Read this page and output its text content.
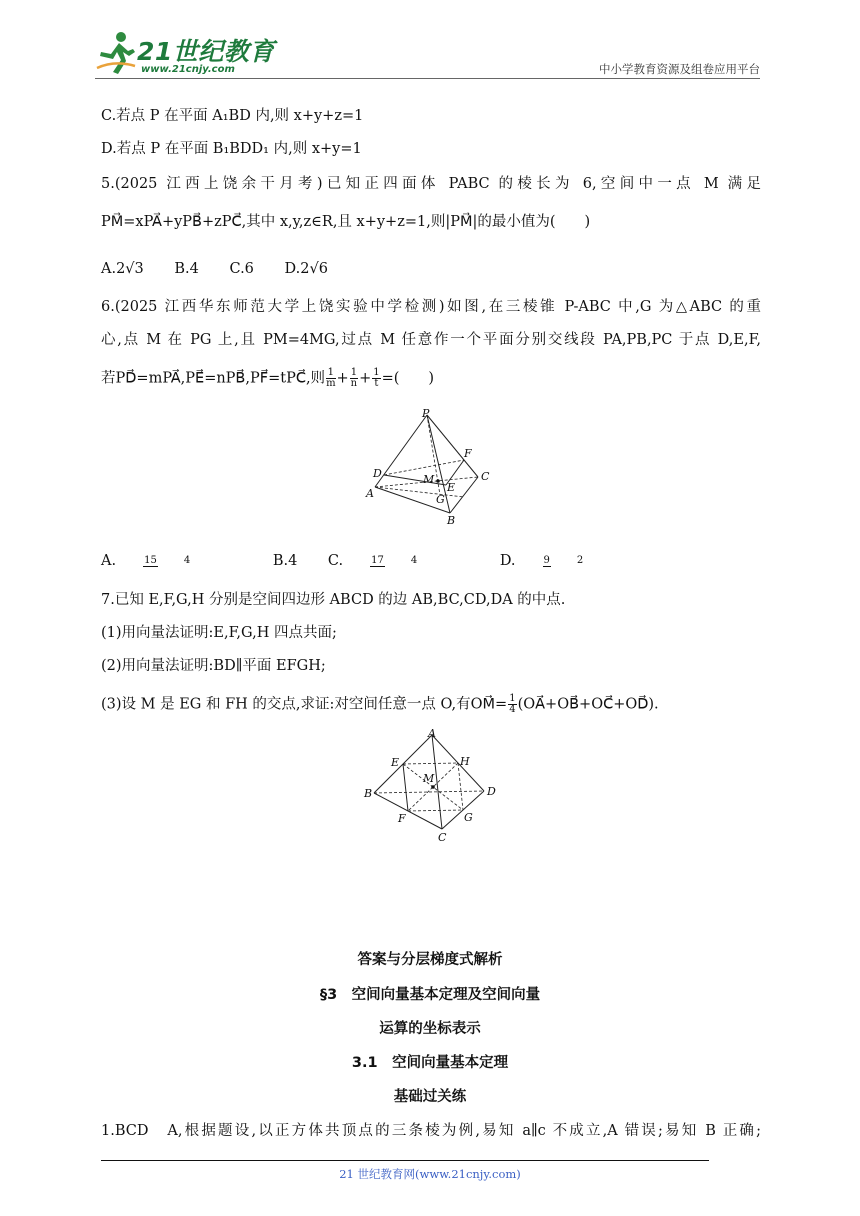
21世纪教育
www.21cnjy.com	中小学教育资源及组卷应用平台
C.若点 P 在平面 A₁BD 内,则 x+y+z=1
D.若点 P 在平面 B₁BDD₁ 内,则 x+y=1
5.(2025 江西上饶余干月考)已知正四面体 PABC 的棱长为 6,空间中一点 M 满足
PM⃗=xPA⃗+yPB⃗+zPC⃗,其中 x,y,z∈R,且 x+y+z=1,则|PM⃗|的最小值为(　　)
A.2√3 B.4 C.6 D.2√6
6.(2025 江西华东师范大学上饶实验中学检测)如图,在三棱锥 P-ABC 中,G 为△ABC 的重
心,点 M 在 PG 上,且 PM=4MG,过点 M 任意作一个平面分别交线段 PA,PB,PC 于点 D,E,F,
若PD⃗=mPA⃗,PE⃗=nPB⃗,PF⃗=tPC⃗,则 $\frac{1}{m} + \frac{1}{n} + \frac{1}{t}$ =(　　)
P
F
C
D	M
E
A	G
B
A.	15	4	B.4 C.	17	4	D.	9	2
7.已知 E,F,G,H 分别是空间四边形 ABCD 的边 AB,BC,CD,DA 的中点.
(1)用向量法证明:E,F,G,H 四点共面;
(2)用向量法证明:BD∥平面 EFGH;
(3)设 M 是 EG 和 FH 的交点,求证:对空间任意一点 O,有OM⃗= $\frac{1}{4}$ (OA⃗+OB⃗+OC⃗+OD⃗).
A
E	H
M
B	D
F	G
C
答案与分层梯度式解析
§3　空间向量基本定理及空间向量
运算的坐标表示
3.1　空间向量基本定理
基础过关练
1.BCD　A,根据题设,以正方体共顶点的三条棱为例,易知 a∥c 不成立,A 错误;易知 B 正确;
21 世纪教育网(www.21cnjy.com)
